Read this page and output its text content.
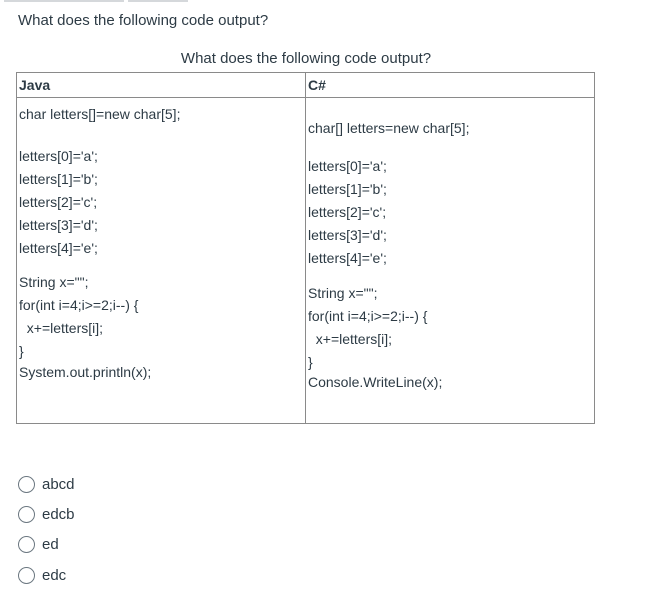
What does the following code output?
What does the following code output?
Java	C#
char letters[]=new char[5];
letters[0]='a';
letters[1]='b';
letters[2]='c';
letters[3]='d';
letters[4]='e';
String x="";
for(int i=4;i>=2;i--) {
x+=letters[i];
}
System.out.println(x);
char[] letters=new char[5];
letters[0]='a';
letters[1]='b';
letters[2]='c';
letters[3]='d';
letters[4]='e';
String x="";
for(int i=4;i>=2;i--) {
x+=letters[i];
}
Console.WriteLine(x);
abcd
edcb
ed
edc
